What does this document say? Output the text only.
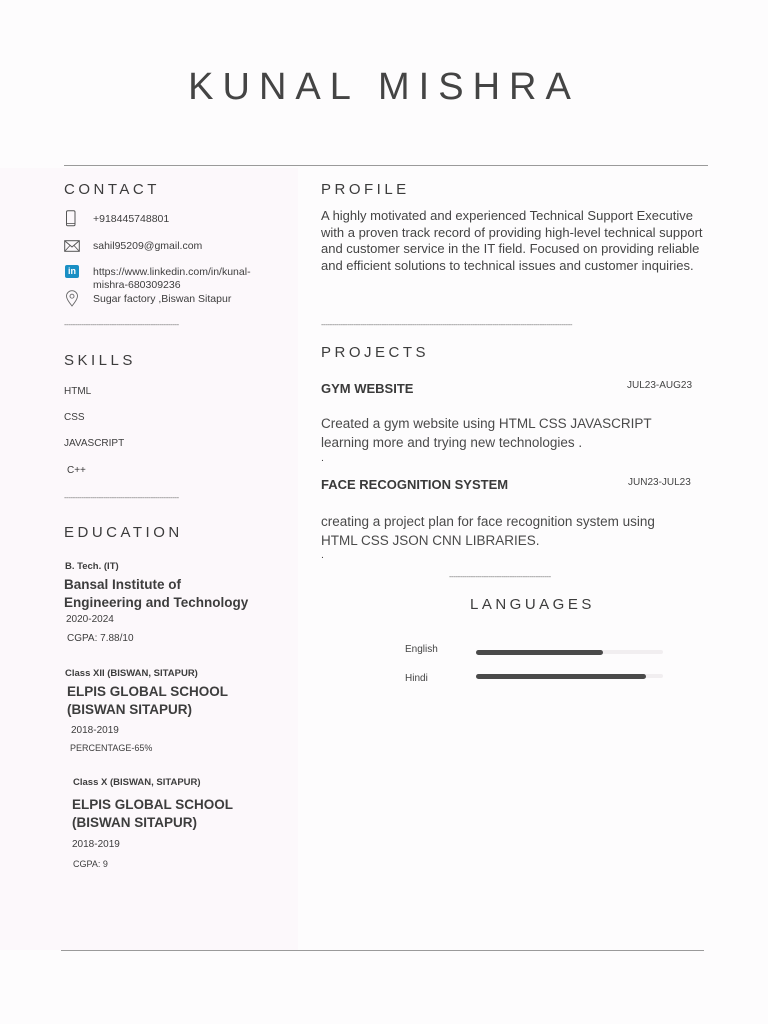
KUNAL MISHRA
CONTACT
+918445748801
sahil95209@gmail.com
in https://www.linkedin.com/in/kunal-
mishra-680309236
Sugar factory ,Biswan Sitapur
-----------------------------------------------------
SKILLS
HTML
CSS
JAVASCRIPT
C++
-----------------------------------------------------
EDUCATION
B. Tech. (IT)
Bansal Institute of
Engineering and Technology
2020-2024
CGPA: 7.88/10
Class XII (BISWAN, SITAPUR)
ELPIS GLOBAL SCHOOL
(BISWAN SITAPUR)
2018-2019
PERCENTAGE-65%
Class X (BISWAN, SITAPUR)
ELPIS GLOBAL SCHOOL
(BISWAN SITAPUR)
2018-2019
CGPA: 9
PROFILE
A highly motivated and experienced Technical Support Executive
with a proven track record of providing high-level technical support
and customer service in the IT field. Focused on providing reliable
and efficient solutions to technical issues and customer inquiries.
--------------------------------------------------------------------------------------------------------------------
PROJECTS
GYM WEBSITE	JUL23-AUG23
Created a gym website using HTML CSS JAVASCRIPT
learning more and trying new technologies .
.
FACE RECOGNITION SYSTEM	JUN23-JUL23
creating a project plan for face recognition system using
HTML CSS JSON CNN LIBRARIES.
.
-----------------------------------------------
LANGUAGES
English
Hindi
